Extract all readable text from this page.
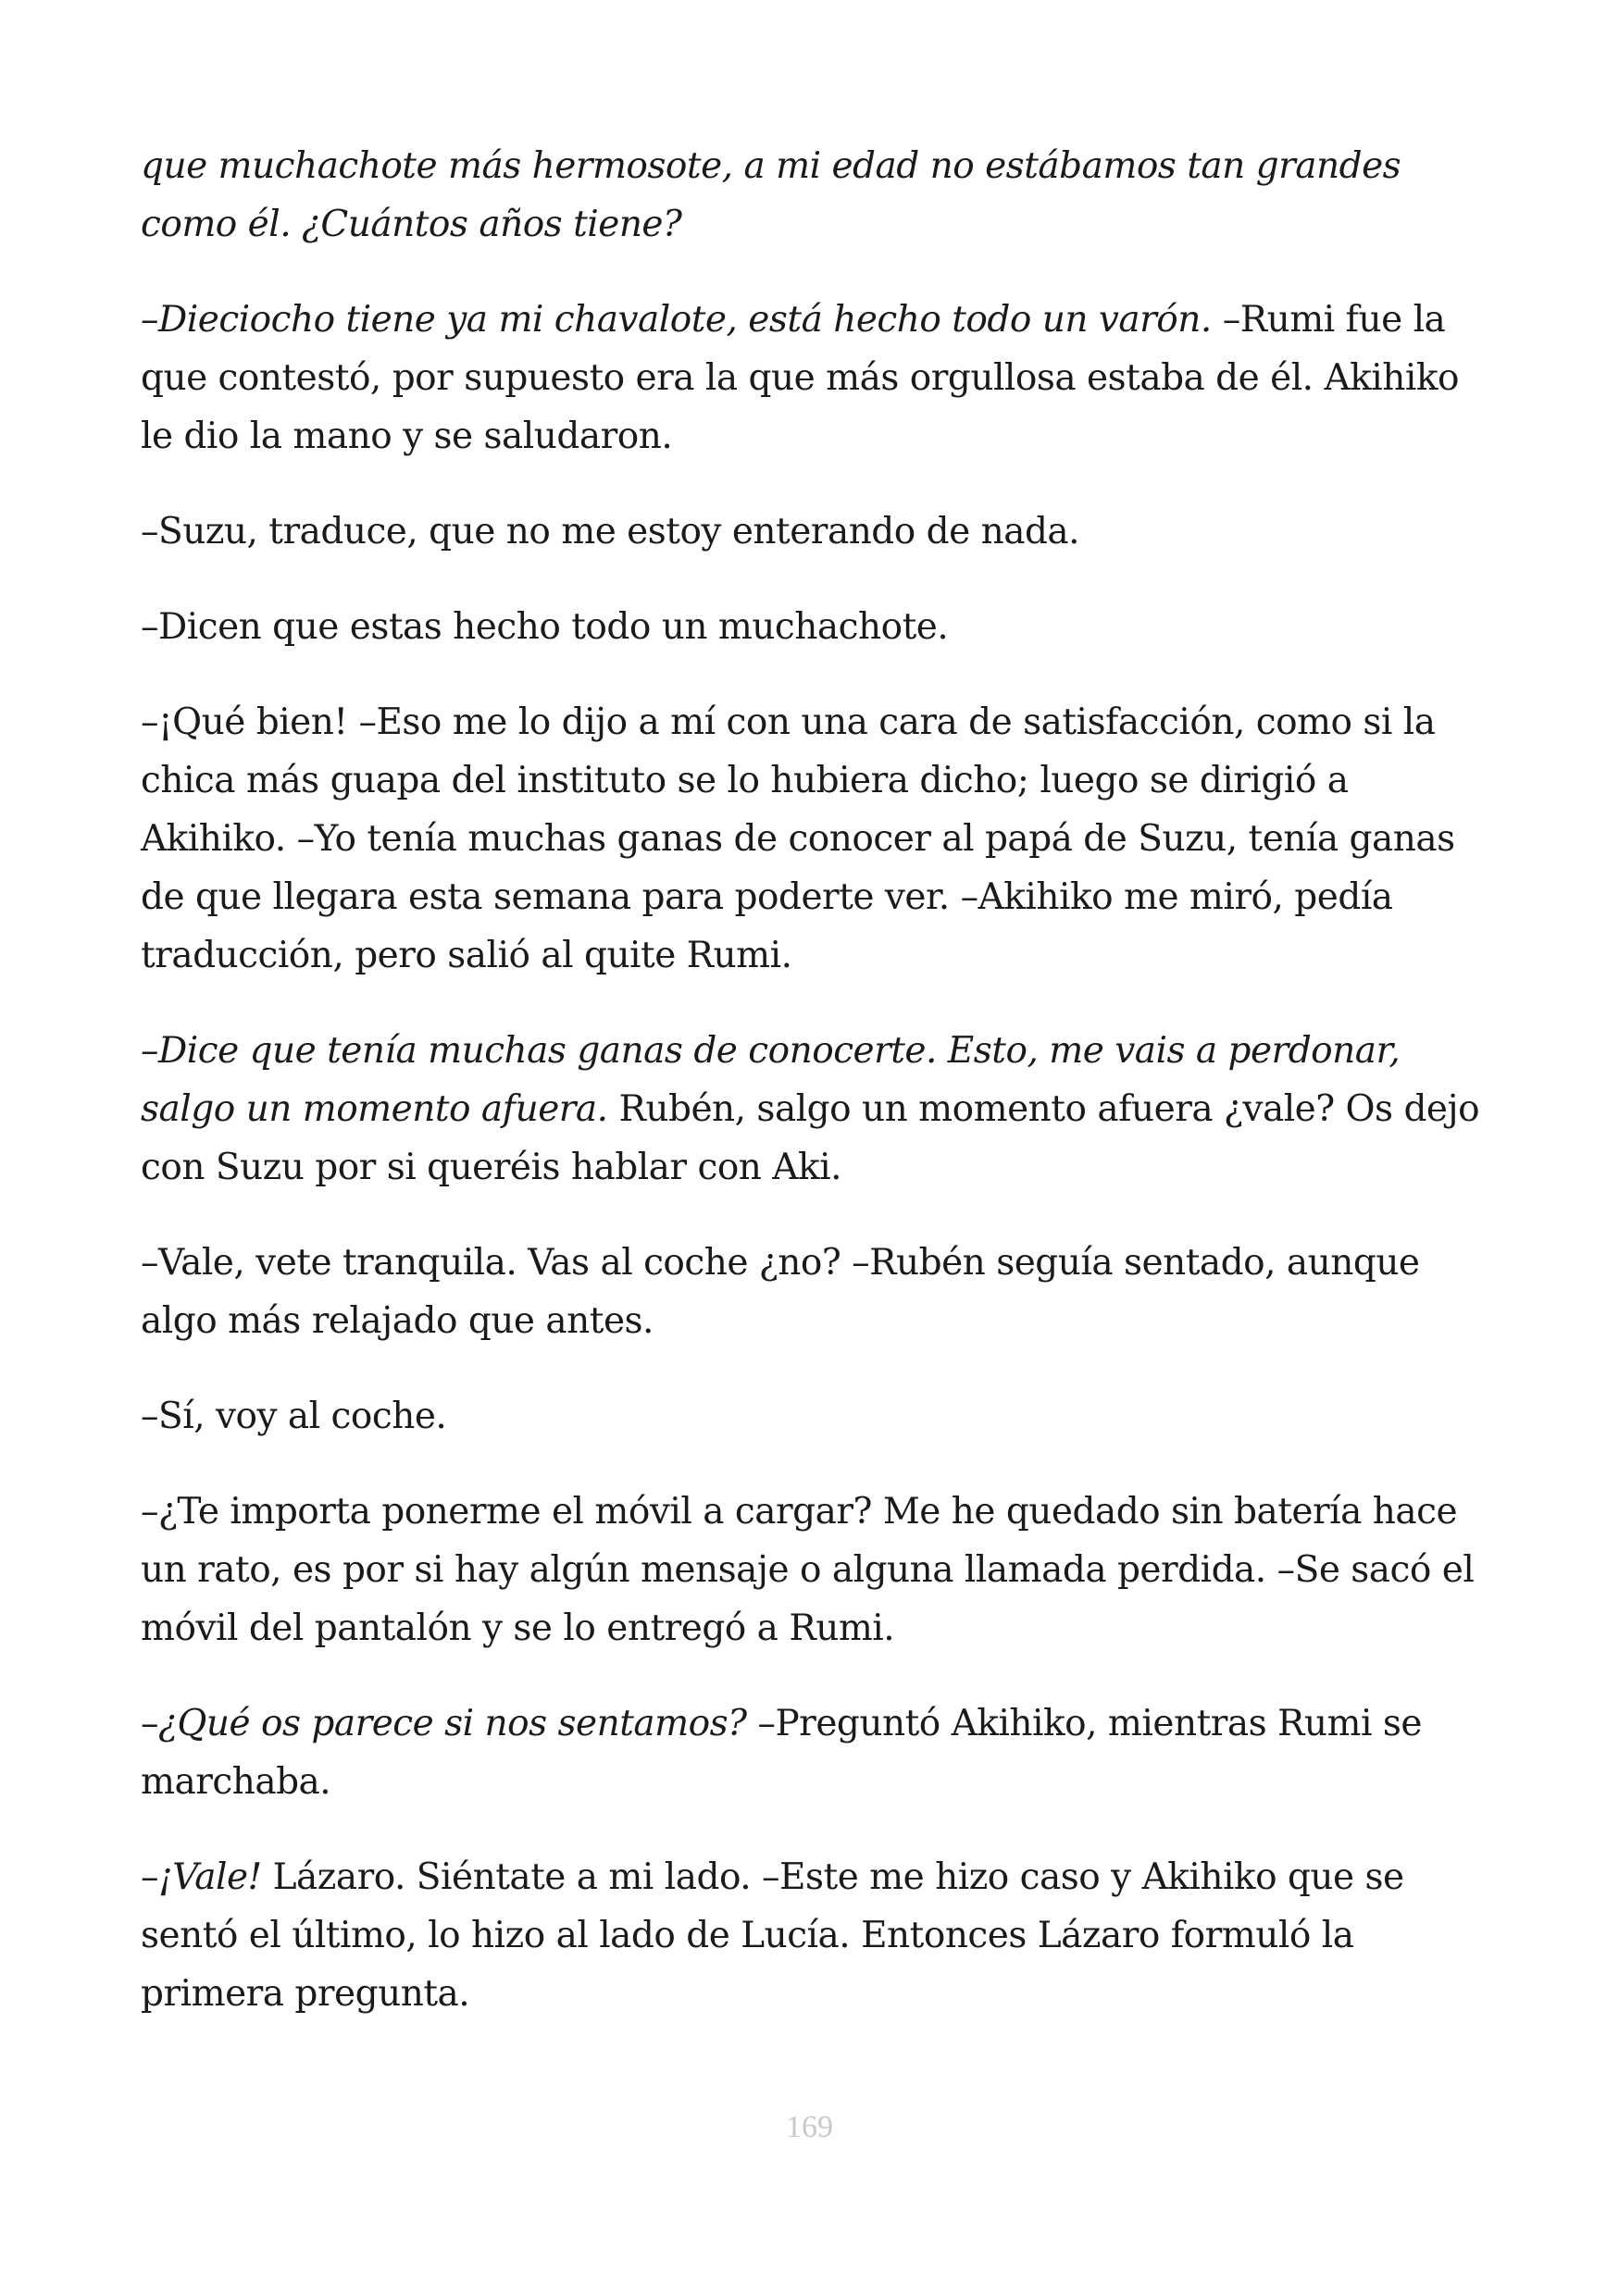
que muchachote más hermosote, a mi edad no estábamos tan grandes como él. ¿Cuántos años tiene?

–Dieciocho tiene ya mi chavalote, está hecho todo un varón. –Rumi fue la que contestó, por supuesto era la que más orgullosa estaba de él. Akihiko le dio la mano y se saludaron.

–Suzu, traduce, que no me estoy enterando de nada.

–Dicen que estas hecho todo un muchachote.

–¡Qué bien! –Eso me lo dijo a mí con una cara de satisfacción, como si la chica más guapa del instituto se lo hubiera dicho; luego se dirigió a Akihiko. –Yo tenía muchas ganas de conocer al papá de Suzu, tenía ganas de que llegara esta semana para poderte ver. –Akihiko me miró, pedía traducción, pero salió al quite Rumi.

–Dice que tenía muchas ganas de conocerte. Esto, me vais a perdonar, salgo un momento afuera. Rubén, salgo un momento afuera ¿vale? Os dejo con Suzu por si queréis hablar con Aki.

–Vale, vete tranquila. Vas al coche ¿no? –Rubén seguía sentado, aunque algo más relajado que antes.

–Sí, voy al coche.

–¿Te importa ponerme el móvil a cargar? Me he quedado sin batería hace un rato, es por si hay algún mensaje o alguna llamada perdida. –Se sacó el móvil del pantalón y se lo entregó a Rumi.

–¿Qué os parece si nos sentamos? –Preguntó Akihiko, mientras Rumi se marchaba.

–¡Vale! Lázaro. Siéntate a mi lado. –Este me hizo caso y Akihiko que se sentó el último, lo hizo al lado de Lucía. Entonces Lázaro formuló la primera pregunta.

169
